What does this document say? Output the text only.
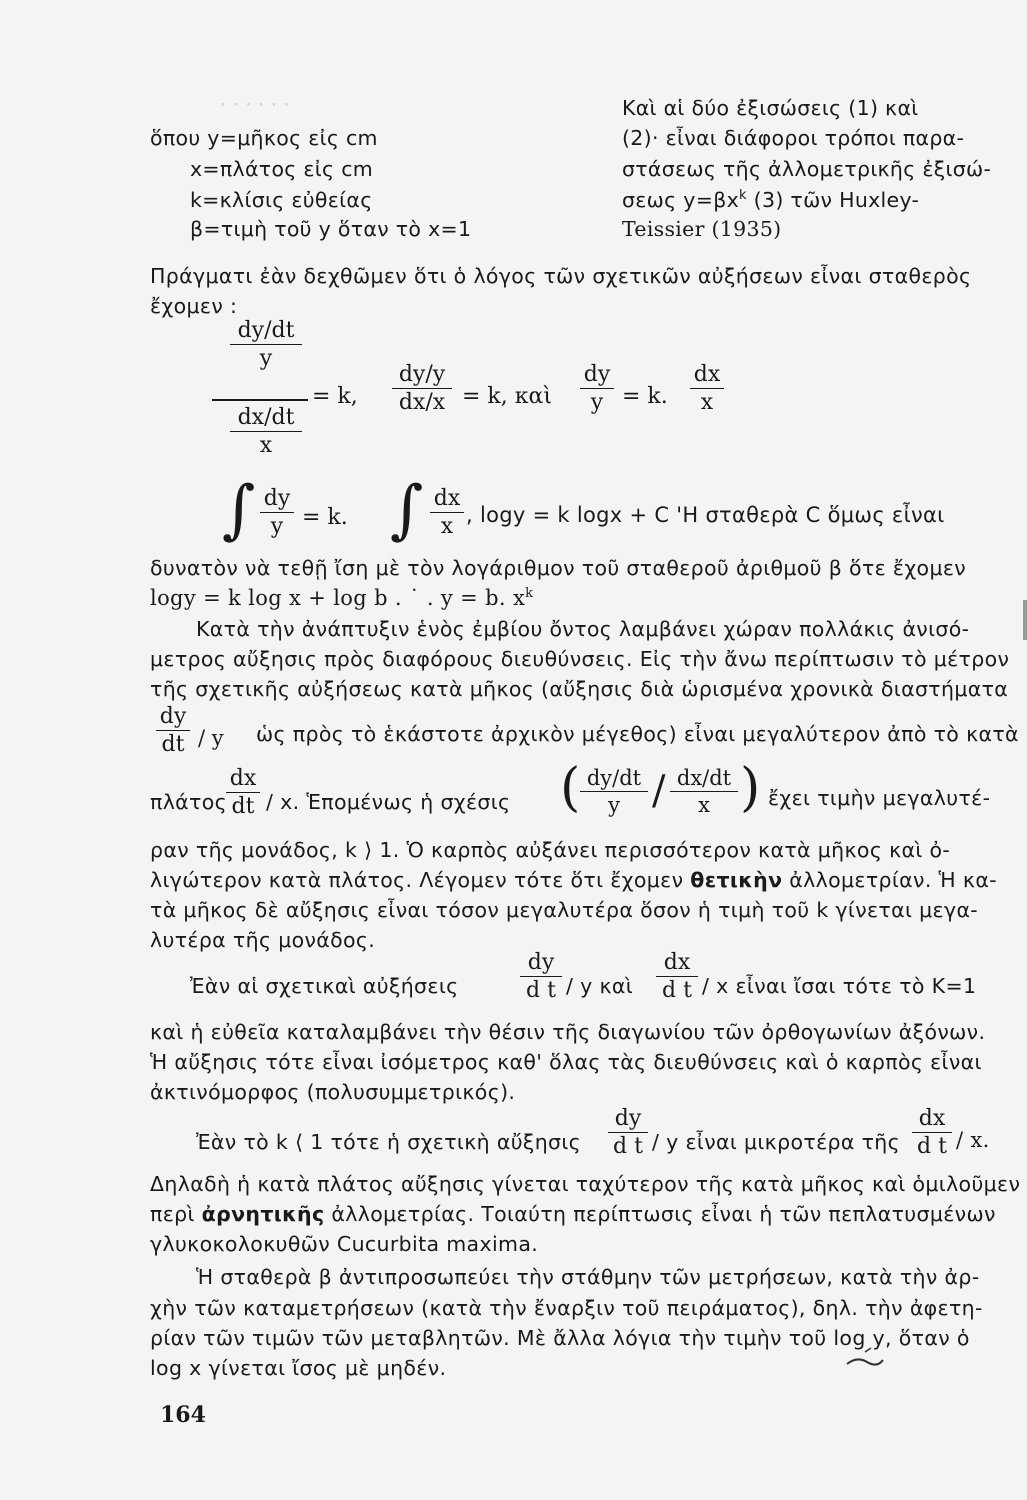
· · · · · ·
	Καὶ αἱ δύο ἐξισώσεις (1) καὶ
(2)· εἶναι διάφοροι τρόποι παρα-
στάσεως τῆς ἀλλομετρικῆς ἐξισώ-
σεως $y=\beta x^k$ (3) τῶν Huxley-
Teissier (1935)
ὅπου y=μῆκος εἰς cm
x=πλάτος εἰς cm
k=κλίσις εὐθείας
β=τιμὴ τοῦ y ὅταν τὸ x=1
Πράγματι ἐὰν δεχθῶμεν ὅτι ὁ λόγος τῶν σχετικῶν αὐξήσεων εἶναι σταθερὸς
ἔχομεν :
dy/dt
y
dx/dt
x
= k,
dy/y
dx/x = k, καὶ
dy
y = k.
dx
x
∫ dy
y = k. ∫ dx
x , logy = k logx + C 'Η σταθερὰ C ὅμως εἶναι
δυνατὸν νὰ τεθῇ ἴση μὲ τὸν λογάριθμον τοῦ σταθεροῦ ἀριθμοῦ β ὅτε ἔχομεν
logy = k log x + log b . ˙ . y = b. $x^k$
Κατὰ τὴν ἀνάπτυξιν ἑνὸς ἐμβίου ὄντος λαμβάνει χώραν πολλάκις ἀνισό-
μετρος αὔξησις πρὸς διαφόρους διευθύνσεις. Εἰς τὴν ἄνω περίπτωσιν τὸ μέτρον
τῆς σχετικῆς αὐξήσεως κατὰ μῆκος (αὔξησις διὰ ὡρισμένα χρονικὰ διαστήματα
dy
dt / y ὡς πρὸς τὸ ἑκάστοτε ἀρχικὸν μέγεθος) εἶναι μεγαλύτερον ἀπὸ τὸ κατὰ
πλάτος
dx
dt / x. Ἑπομένως ἡ σχέσις ( dy/dt
y / dx/dt
x ) ἔχει τιμὴν μεγαλυτέ-
ραν τῆς μονάδος, k ⟩ 1. Ὁ καρπὸς αὐξάνει περισσότερον κατὰ μῆκος καὶ ὀ-
λιγώτερον κατὰ πλάτος. Λέγομεν τότε ὅτι ἔχομεν θετικὴν ἀλλομετρίαν. Ἡ κα-
τὰ μῆκος δὲ αὔξησις εἶναι τόσον μεγαλυτέρα ὅσον ἡ τιμὴ τοῦ k γίνεται μεγα-
λυτέρα τῆς μονάδος.
Ἐὰν αἱ σχετικαὶ αὐξήσεις
dy
d t / y καὶ
dx
d t / x εἶναι ἴσαι τότε τὸ K=1
καὶ ἡ εὐθεῖα καταλαμβάνει τὴν θέσιν τῆς διαγωνίου τῶν ὀρθογωνίων ἀξόνων.
Ἡ αὔξησις τότε εἶναι ἰσόμετρος καθ' ὅλας τὰς διευθύνσεις καὶ ὁ καρπὸς εἶναι
ἀκτινόμορφος (πολυσυμμετρικός).
Ἐὰν τὸ k ⟨ 1 τότε ἡ σχετικὴ αὔξησις
dy
d t / y εἶναι μικροτέρα τῆς
dx
d t / x.
Δηλαδὴ ἡ κατὰ πλάτος αὔξησις γίνεται ταχύτερον τῆς κατὰ μῆκος καὶ ὁμιλοῦμεν
περὶ ἀρνητικῆς ἀλλομετρίας. Τοιαύτη περίπτωσις εἶναι ἡ τῶν πεπλατυσμένων
γλυκοκολοκυθῶν Cucurbita maxima.
Ἡ σταθερὰ β ἀντιπροσωπεύει τὴν στάθμην τῶν μετρήσεων, κατὰ τὴν ἀρ-
χὴν τῶν καταμετρήσεων (κατὰ τὴν ἔναρξιν τοῦ πειράματος), δηλ. τὴν ἀφετη-
ρίαν τῶν τιμῶν τῶν μεταβλητῶν. Μὲ ἄλλα λόγια τὴν τιμὴν τοῦ log y, ὅταν ὁ
log x γίνεται ἴσος μὲ μηδέν.
164
